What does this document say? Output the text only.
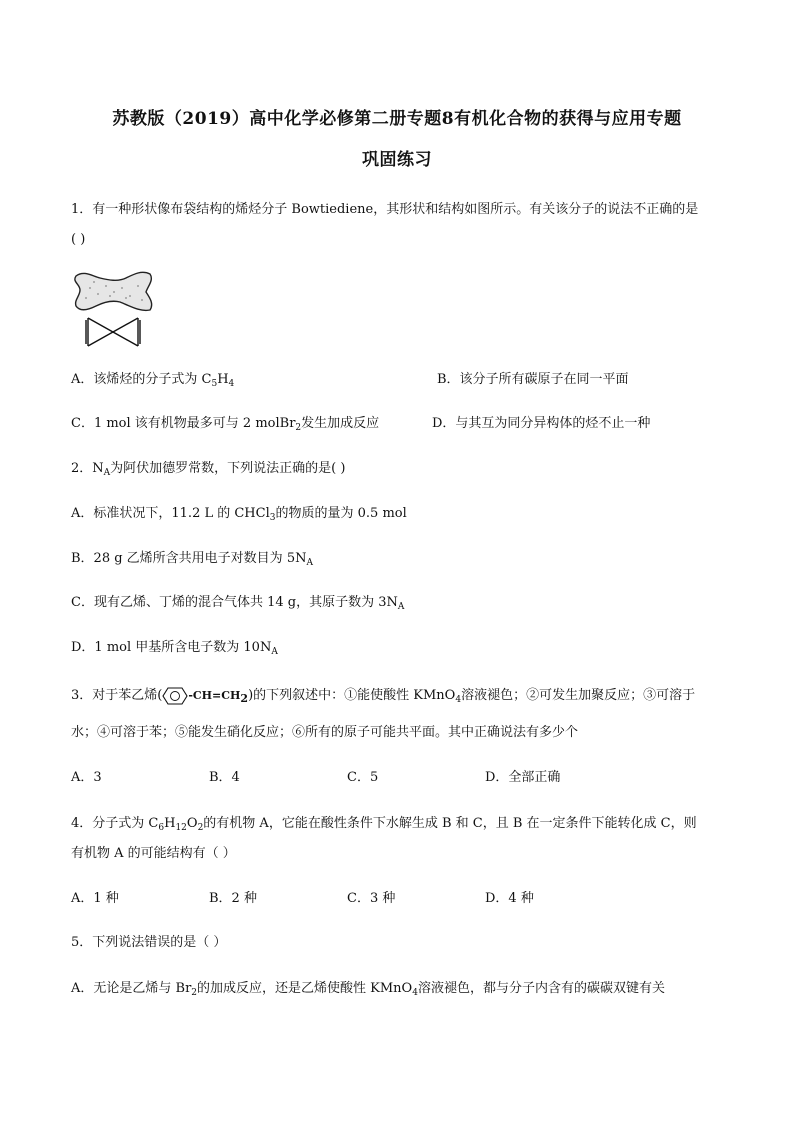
苏教版（2019）高中化学必修第二册专题8有机化合物的获得与应用专题
巩固练习
1．有一种形状像布袋结构的烯烃分子 Bowtiediene，其形状和结构如图所示。有关该分子的说法不正确的是
( )
A．该烯烃的分子式为 $C_5H_4$	B．该分子所有碳原子在同一平面
C．1 mol 该有机物最多可与 2 molBr$_2$发生加成反应	D．与其互为同分异构体的烃不止一种
2．$N_A$为阿伏加德罗常数，下列说法正确的是( )
A．标准状况下，11.2 L 的 CHCl$_3$的物质的量为 0.5 mol
B．28 g 乙烯所含共用电子对数目为 $5N_A$
C．现有乙烯、丁烯的混合气体共 14 g，其原子数为 $3N_A$
D．1 mol 甲基所含电子数为 $10N_A$
3．对于苯乙烯( $-CH=CH_2$)的下列叙述中：①能使酸性 KMnO$_4$溶液褪色；②可发生加聚反应；③可溶于
水；④可溶于苯；⑤能发生硝化反应；⑥所有的原子可能共平面。其中正确说法有多少个
A．3	B．4	C．5	D．全部正确
4．分子式为 $C_6H_{12}O_2$的有机物 A，它能在酸性条件下水解生成 B 和 C，且 B 在一定条件下能转化成 C，则
有机物 A 的可能结构有（ ）
A．1 种	B．2 种	C．3 种	D．4 种
5．下列说法错误的是（ ）
A．无论是乙烯与 $Br_2$的加成反应，还是乙烯使酸性 KMnO$_4$溶液褪色，都与分子内含有的碳碳双键有关
